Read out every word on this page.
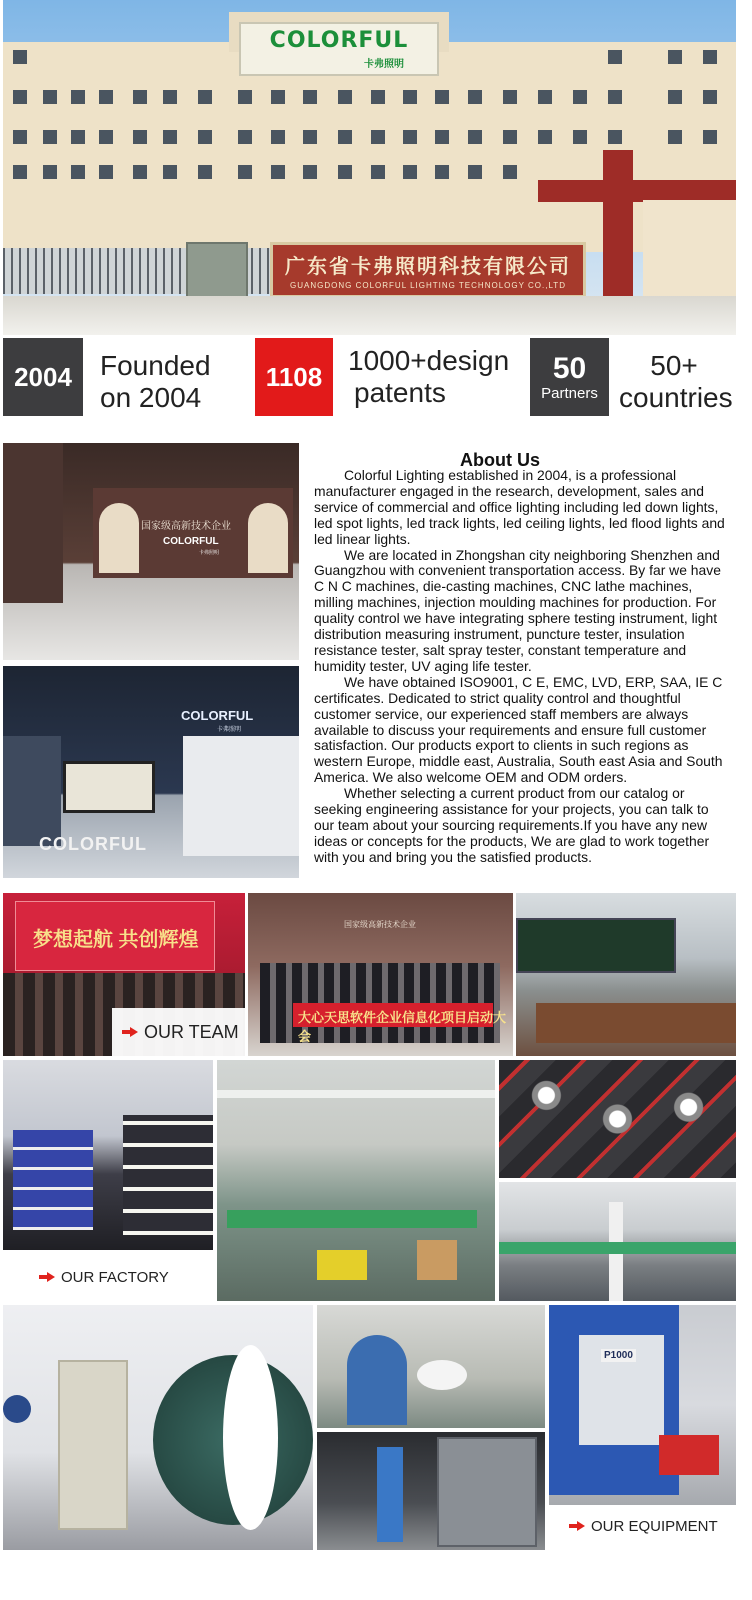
COLORFUL
卡弗照明
广东省卡弗照明科技有限公司
GUANGDONG COLORFUL LIGHTING TECHNOLOGY CO.,LTD
2004 Founded
on 2004
1108
1000+design
patents
50
Partners
50+
countries
国家级高新技术企业
COLORFUL
卡弗照明
COLORFUL
卡弗照明
COLORFUL
About Us

Colorful Lighting established in 2004, is a professional manufacturer engaged in the research, development, sales and service of commercial and office lighting including led down lights, led spot lights, led track lights, led ceiling lights, led flood lights and led linear lights.

We are located in Zhongshan city neighboring Shenzhen and Guangzhou with convenient transportation access. By far we have C N C machines, die-casting machines, CNC lathe machines, milling machines, injection moulding machines for production. For quality control we have integrating sphere testing instrument, light distribution measuring instrument, puncture tester, insulation resistance tester, salt spray tester, constant temperature and humidity tester, UV aging life tester.

We have obtained ISO9001, C E, EMC, LVD, ERP, SAA, IE C certificates. Dedicated to strict quality control and thoughtful customer service, our experienced staff members are always available to discuss your requirements and ensure full customer satisfaction. Our products export to clients in such regions as western Europe, middle east, Australia, South east Asia and South America. We also welcome OEM and ODM orders.

Whether selecting a current product from our catalog or seeking engineering assistance for your projects, you can talk to our team about your sourcing requirements.If you have any new ideas or concepts for the products, We are glad to work together with you and bring you the satisfied products.

梦想起航 共创辉煌
OUR TEAM
国家级高新技术企业
大心天思软件企业信息化项目启动大会
OUR FACTORY
P1000
OUR EQUIPMENT
